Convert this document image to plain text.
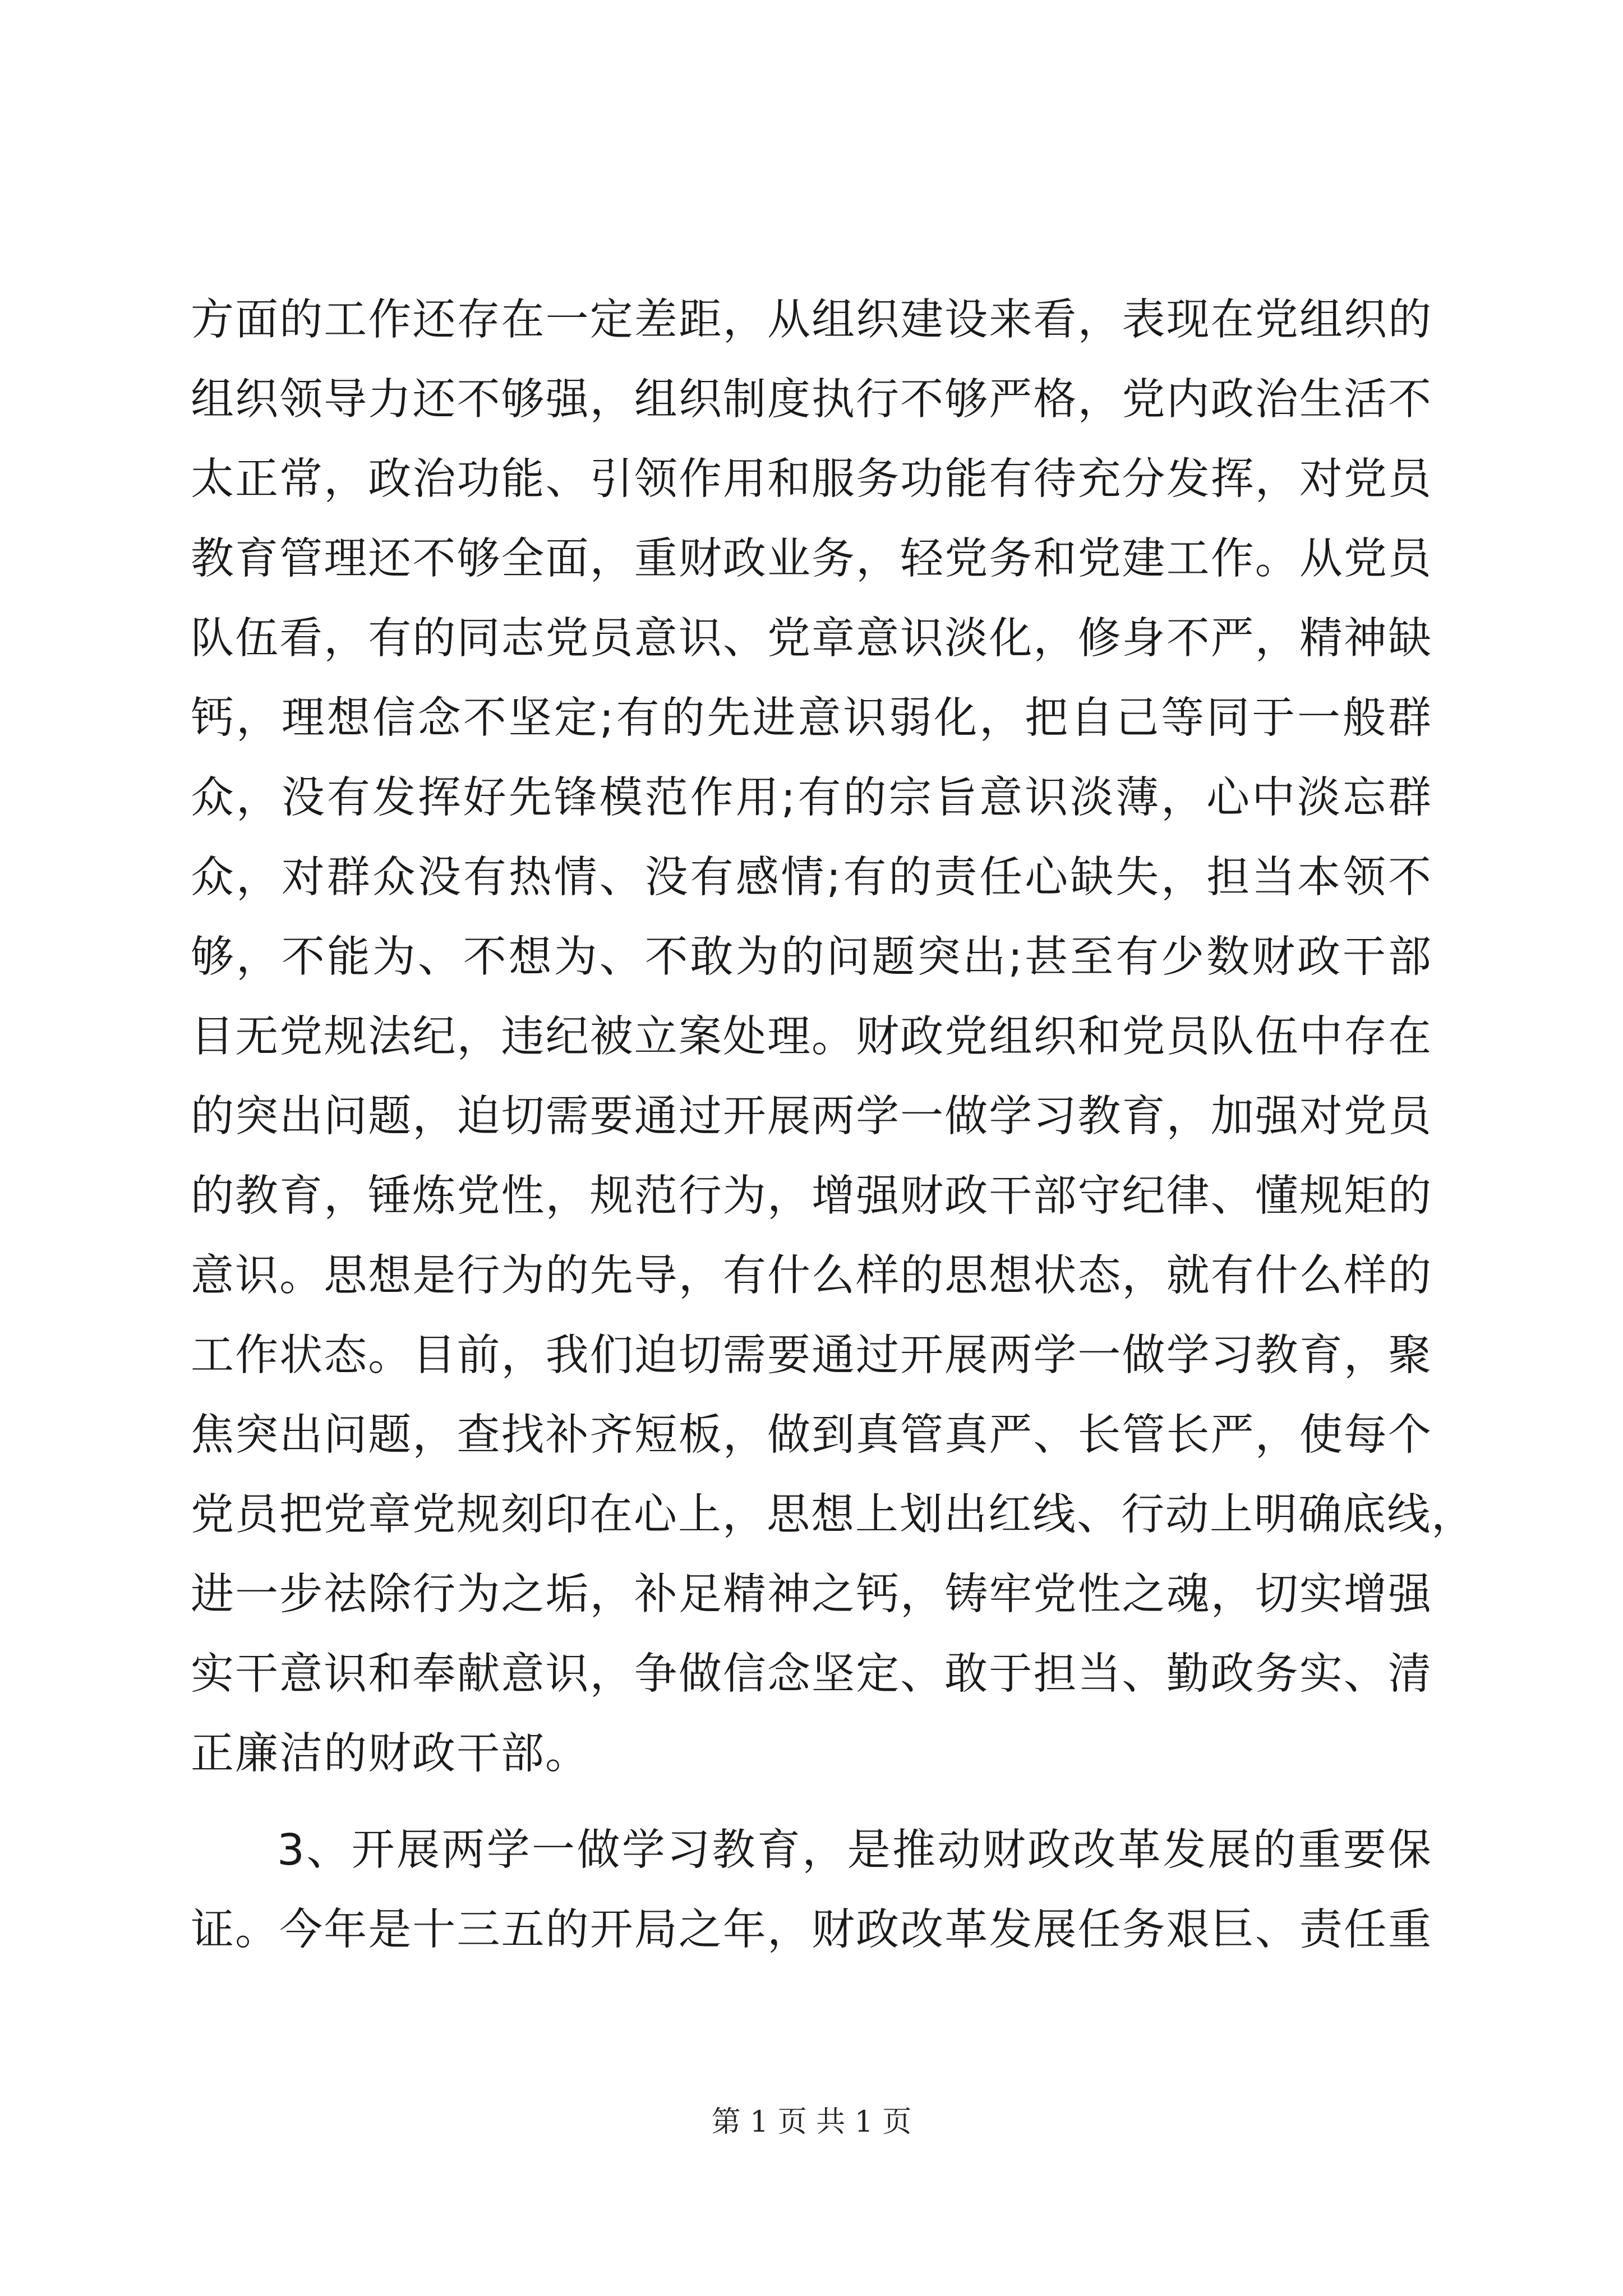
方面的工作还存在一定差距，从组织建设来看，表现在党组织的
组织领导力还不够强，组织制度执行不够严格，党内政治生活不
太正常，政治功能、引领作用和服务功能有待充分发挥，对党员
教育管理还不够全面，重财政业务，轻党务和党建工作。从党员
队伍看，有的同志党员意识、党章意识淡化，修身不严，精神缺
钙，理想信念不坚定;有的先进意识弱化，把自己等同于一般群
众，没有发挥好先锋模范作用;有的宗旨意识淡薄，心中淡忘群
众，对群众没有热情、没有感情;有的责任心缺失，担当本领不
够，不能为、不想为、不敢为的问题突出;甚至有少数财政干部
目无党规法纪，违纪被立案处理。财政党组织和党员队伍中存在
的突出问题，迫切需要通过开展两学一做学习教育，加强对党员
的教育，锤炼党性，规范行为，增强财政干部守纪律、懂规矩的
意识。思想是行为的先导，有什么样的思想状态，就有什么样的
工作状态。目前，我们迫切需要通过开展两学一做学习教育，聚
焦突出问题，查找补齐短板，做到真管真严、长管长严，使每个
党员把党章党规刻印在心上，思想上划出红线、行动上明确底线，
进一步祛除行为之垢，补足精神之钙，铸牢党性之魂，切实增强
实干意识和奉献意识，争做信念坚定、敢于担当、勤政务实、清
正廉洁的财政干部。
3、开展两学一做学习教育，是推动财政改革发展的重要保
证。今年是十三五的开局之年，财政改革发展任务艰巨、责任重
第 1 页 共 1 页
